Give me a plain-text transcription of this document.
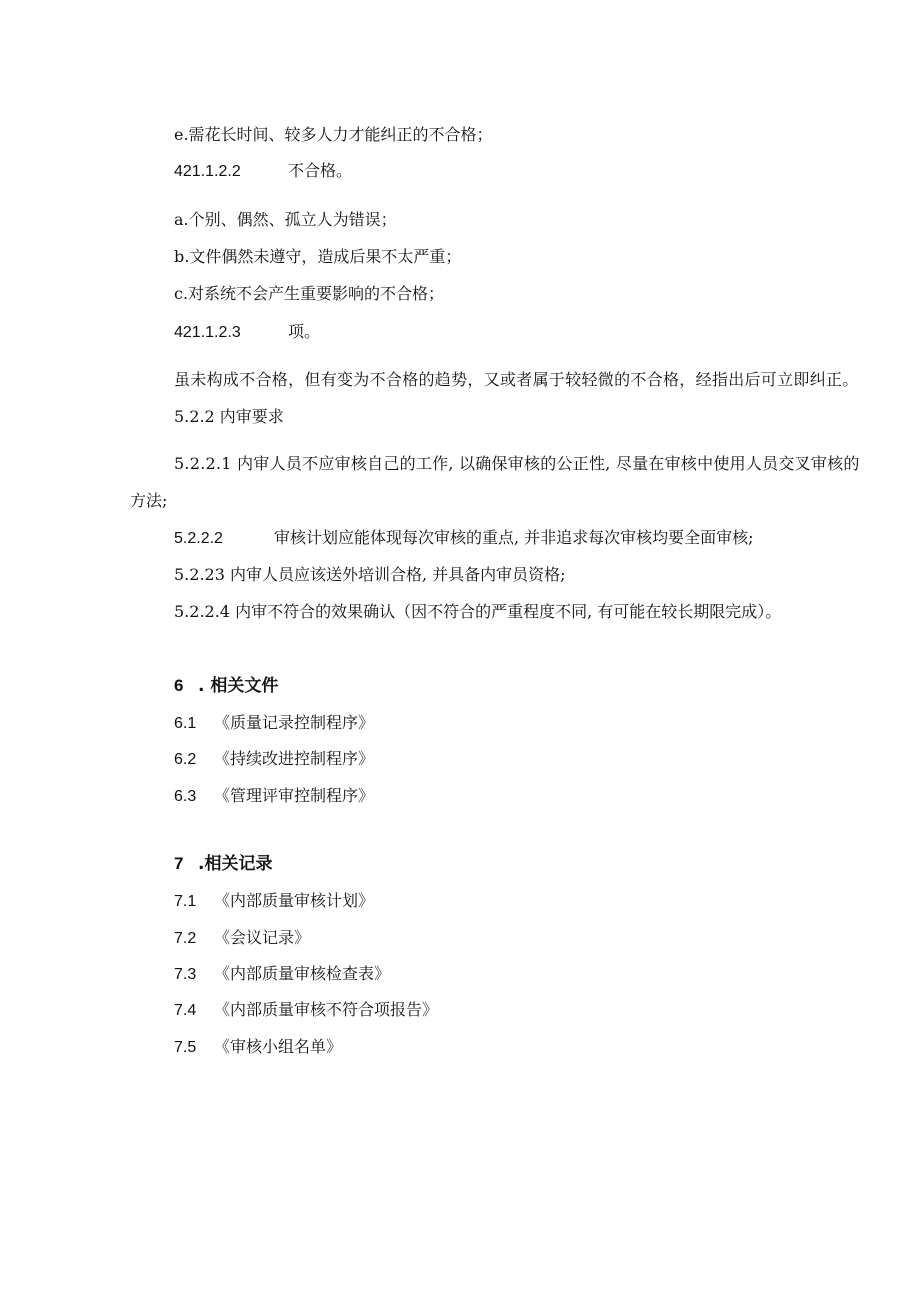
e.需花长时间、较多人力才能纠正的不合格；
421.1.2.2	不合格。
a.个别、偶然、孤立人为错误；
b.文件偶然未遵守，造成后果不太严重；
c.对系统不会产生重要影响的不合格；
421.1.2.3	项。
虽未构成不合格，但有变为不合格的趋势，又或者属于较轻微的不合格，经指出后可立即纠正。
5.2.2 内审要求
5.2.2.1 内审人员不应审核自己的工作, 以确保审核的公正性, 尽量在审核中使用人员交叉审核的
方法;
5.2.2.2	审核计划应能体现每次审核的重点, 并非追求每次审核均要全面审核;
5.2.23 内审人员应该送外培训合格, 并具备内审员资格;
5.2.2.4 内审不符合的效果确认（因不符合的严重程度不同, 有可能在较长期限完成）。
6 . 相关文件
6.1 《质量记录控制程序》
6.2 《持续改进控制程序》
6.3 《管理评审控制程序》
7 .相关记录
7.1 《内部质量审核计划》
7.2 《会议记录》
7.3 《内部质量审核检查表》
7.4 《内部质量审核不符合项报告》
7.5 《审核小组名单》
